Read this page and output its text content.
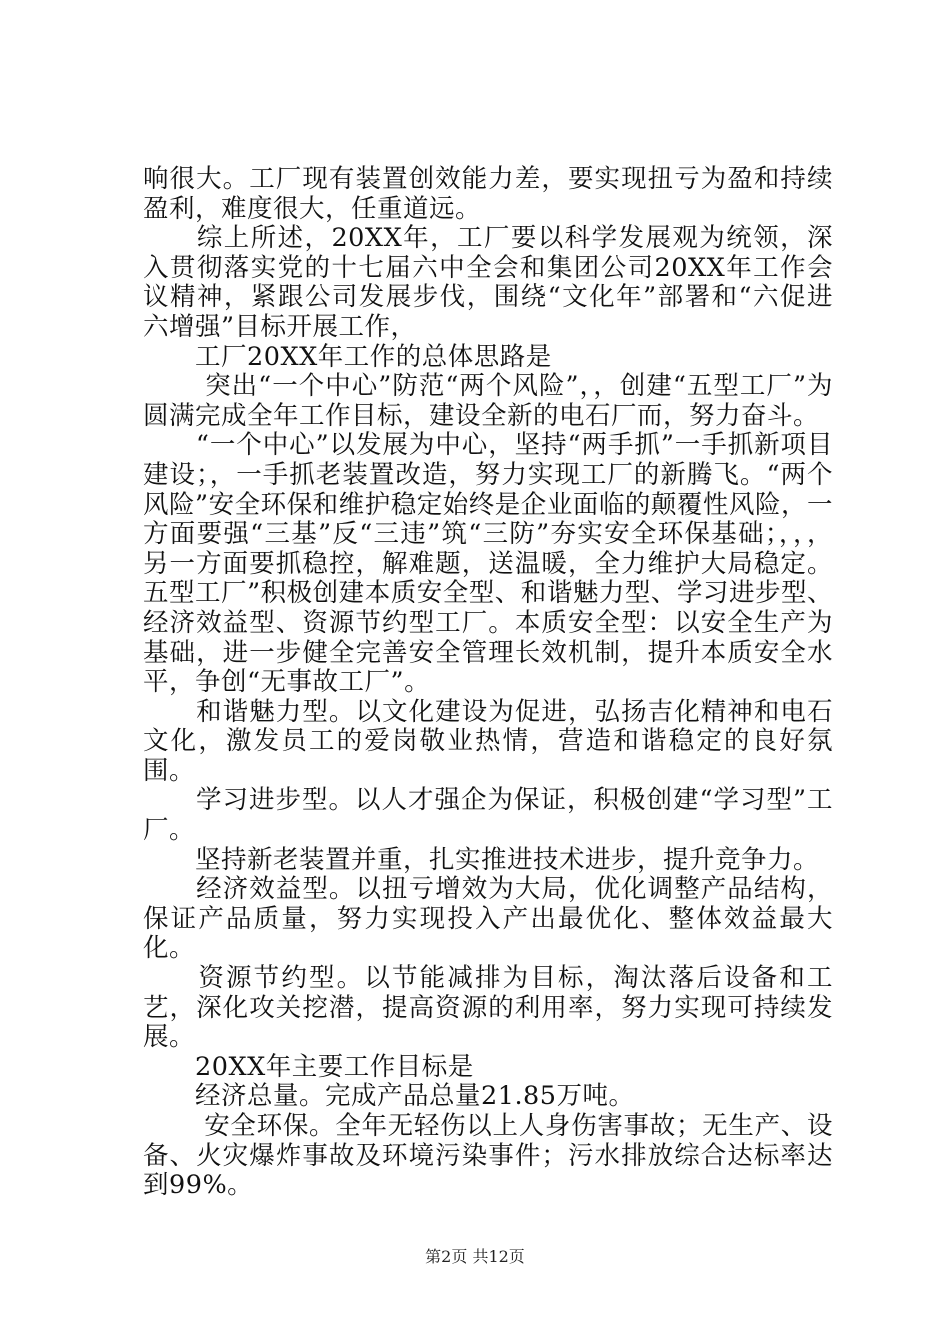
响很大。工厂现有装置创效能力差，要实现扭亏为盈和持续盈利，难度很大，任重道远。

　　综上所述，20XX年，工厂要以科学发展观为统领，深入贯彻落实党的十七届六中全会和集团公司20XX年工作会议精神，紧跟公司发展步伐，围绕“文化年”部署和“六促进六增强”目标开展工作，

　　工厂20XX年工作的总体思路是

　　 突出“一个中心”防范“两个风险”，，创建“五型工厂”为圆满完成全年工作目标，建设全新的电石厂而，努力奋斗。

　　“一个中心”以发展为中心，坚持“两手抓”一手抓新项目建设；，一手抓老装置改造，努力实现工厂的新腾飞。“两个风险”安全环保和维护稳定始终是企业面临的颠覆性风险，一方面要强“三基”反“三违”筑“三防”夯实安全环保基础；，，，另一方面要抓稳控，解难题，送温暖，全力维护大局稳定。五型工厂”积极创建本质安全型、和谐魅力型、学习进步型、经济效益型、资源节约型工厂。本质安全型：以安全生产为基础，进一步健全完善安全管理长效机制，提升本质安全水平，争创“无事故工厂”。

　　和谐魅力型。以文化建设为促进，弘扬吉化精神和电石文化，激发员工的爱岗敬业热情，营造和谐稳定的良好氛围。

　　学习进步型。以人才强企为保证，积极创建“学习型”工厂。

　　坚持新老装置并重，扎实推进技术进步，提升竞争力。

　　经济效益型。以扭亏增效为大局，优化调整产品结构，保证产品质量，努力实现投入产出最优化、整体效益最大化。

　　资源节约型。以节能减排为目标，淘汰落后设备和工艺，深化攻关挖潜，提高资源的利用率，努力实现可持续发展。

　　20XX年主要工作目标是

　　经济总量。完成产品总量21.85万吨。

　　 安全环保。全年无轻伤以上人身伤害事故；无生产、设备、火灾爆炸事故及环境污染事件；污水排放综合达标率达到99%。

第2页 共12页
